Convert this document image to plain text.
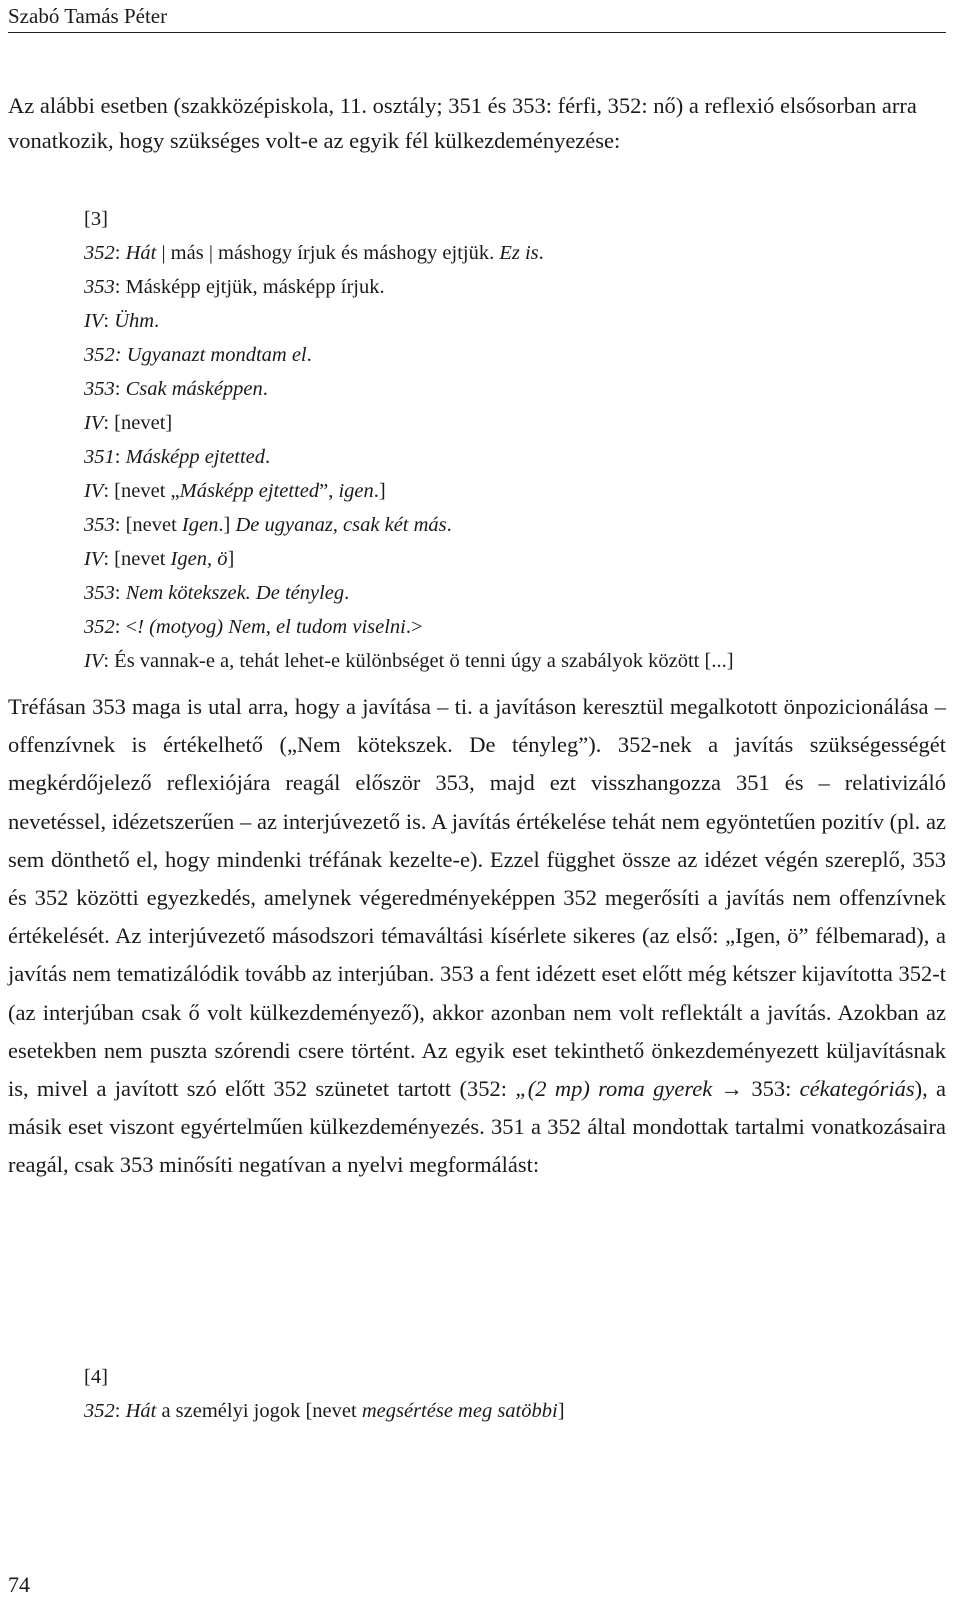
Szabó Tamás Péter

Az alábbi esetben (szakközépiskola, 11. osztály; 351 és 353: férfi, 352: nő) a reflexió elsősorban arra vonatkozik, hogy szükséges volt-e az egyik fél külkezdeményezése:

[3]
352: Hát | más | máshogy írjuk és máshogy ejtjük. Ez is.
353: Másképp ejtjük, másképp írjuk.
IV: Ühm.
352: Ugyanazt mondtam el.
353: Csak másképpen.
IV: [nevet]
351: Másképp ejtetted.
IV: [nevet „Másképp ejtetted”, igen.]
353: [nevet Igen.] De ugyanaz, csak két más.
IV: [nevet Igen, ö]
353: Nem kötekszek. De tényleg.
352: <! (motyog) Nem, el tudom viselni.>
IV: És vannak-e a, tehát lehet-e különbséget ö tenni úgy a szabályok között [...]

Tréfásan 353 maga is utal arra, hogy a javítása – ti. a javításon keresztül megalkotott önpozicionálása – offenzívnek is értékelhető („Nem kötekszek. De tényleg”). 352-nek a javítás szükségességét megkérdőjelező reflexiójára reagál először 353, majd ezt visszhangozza 351 és – relativizáló nevetéssel, idézetszerűen – az interjúvezető is. A javítás értékelése tehát nem egyöntetűen pozitív (pl. az sem dönthető el, hogy mindenki tréfának kezelte-e). Ezzel függhet össze az idézet végén szereplő, 353 és 352 közötti egyezkedés, amelynek végeredményeképpen 352 megerősíti a javítás nem offenzívnek értékelését. Az interjúvezető másodszori témaváltási kísérlete sikeres (az első: „Igen, ö” félbemarad), a javítás nem tematizálódik tovább az interjúban. 353 a fent idézett eset előtt még kétszer kijavította 352-t (az interjúban csak ő volt külkezdeményező), akkor azonban nem volt reflektált a javítás. Azokban az esetekben nem puszta szórendi csere történt. Az egyik eset tekinthető önkezdeményezett küljavításnak is, mivel a javított szó előtt 352 szünetet tartott (352: „(2 mp) roma gyerek → 353: cékategóriás), a másik eset viszont egyértelműen külkezdeményezés. 351 a 352 által mondottak tartalmi vonatkozásaira reagál, csak 353 minősíti negatívan a nyelvi megformálást:

[4]
352: Hát a személyi jogok [nevet megsértése meg satöbbi]
74
